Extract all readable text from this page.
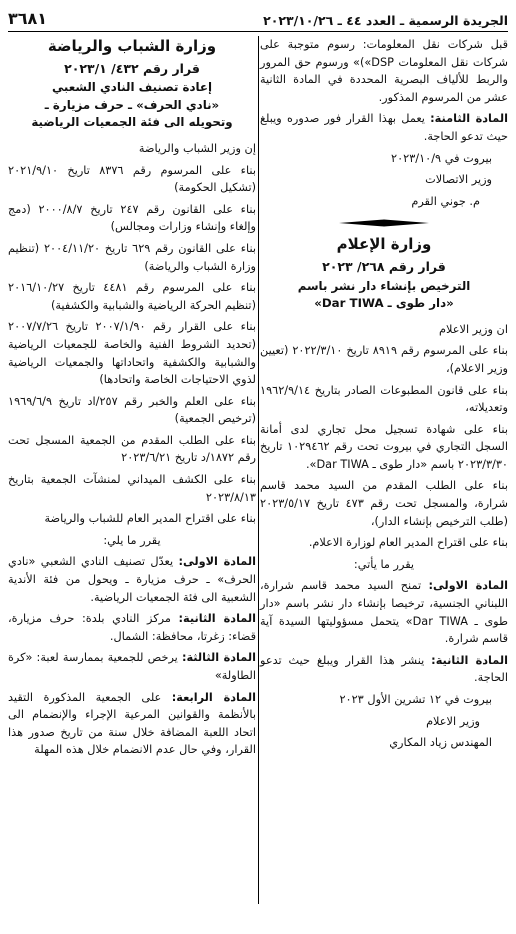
الجريدة الرسمية ـ العدد ٤٤ ـ ٢٠٢٣/١٠/٢٦
٣٦٨١

قبل شركات نقل المعلومات: رسوم متوجبة على شركات نقل المعلومات DSP»)» ورسوم حق المرور والربط للألياف البصرية المحددة في المادة الثانية عشر من المرسوم المذكور.

المادة الثامنة: يعمل بهذا القرار فور صدوره ويبلغ حيث تدعو الحاجة.

بيروت في ٢٠٢٣/١٠/٩

وزير الاتصالات

م. جوني القرم

وزارة الإعلام
قرار رقم ٢٦٨/ ٢٠٢٣
الترخيص بإنشاء دار نشر باسم
«دار طوى ـ Dar TIWA»

ان وزير الاعلام

بناء على المرسوم رقم ٨٩١٩ تاريخ ٢٠٢٢/٣/١٠ (تعيين وزير الاعلام)،

بناء على قانون المطبوعات الصادر بتاريخ ١٩٦٢/٩/١٤ وتعديلاته،

بناء على شهادة تسجيل محل تجاري لدى أمانة السجل التجاري في بيروت تحت رقم ١٠٢٩٤٦٢ تاريخ ٢٠٢٣/٣/٣٠ باسم «دار طوى ـ Dar TIWA».

بناء على الطلب المقدم من السيد محمد قاسم شرارة، والمسجل تحت رقم ٤٧٣ تاريخ ٢٠٢٣/٥/١٧ (طلب الترخيص بإنشاء الدار)،

بناء على اقتراح المدير العام لوزارة الاعلام.

يقرر ما يأتي:

المادة الاولى: تمنح السيد محمد قاسم شرارة، اللبناني الجنسية، ترخيصا بإنشاء دار نشر باسم «دار طوى ـ Dar TIWA» يتحمل مسؤوليتها السيدة آية قاسم شرارة.

المادة الثانية: ينشر هذا القرار ويبلغ حيث تدعو الحاجة.

بيروت في ١٢ تشرين الأول ٢٠٢٣

وزير الاعلام

المهندس زياد المكاري

وزارة الشباب والرياضة
قرار رقم ٤٣٢/ ٢٠٢٣/١
إعادة تصنيف النادي الشعبي
«نادي الحرف» ـ حرف مزيارة ـ
وتحويله الى فئة الجمعيات الرياضية

إن وزير الشباب والرياضة

بناء على المرسوم رقم ٨٣٧٦ تاريخ ٢٠٢١/٩/١٠ (تشكيل الحكومة)

بناء على القانون رقم ٢٤٧ تاريخ ٢٠٠٠/٨/٧ (دمج وإلغاء وإنشاء وزارات ومجالس)

بناء على القانون رقم ٦٢٩ تاريخ ٢٠٠٤/١١/٢٠ (تنظيم وزارة الشباب والرياضة)

بناء على المرسوم رقم ٤٤٨١ تاريخ ٢٠١٦/١٠/٢٧ (تنظيم الحركة الرياضية والشبابية والكشفية)

بناء على القرار رقم ٢٠٠٧/١/٩٠ تاريخ ٢٠٠٧/٧/٢٦ (تحديد الشروط الفنية والخاصة للجمعيات الرياضية والشبابية والكشفية واتحاداتها والجمعيات الرياضية لذوي الاحتياجات الخاصة واتحادها)

بناء على العلم والخبر رقم ٢٥٧/اد تاريخ ١٩٦٩/٦/٩ (ترخيص الجمعية)

بناء على الطلب المقدم من الجمعية المسجل تحت رقم ١٨٧٢/د تاريخ ٢٠٢٣/٦/٢١

بناء على الكشف الميداني لمنشآت الجمعية بتاريخ ٢٠٢٣/٨/١٣

بناء على اقتراح المدير العام للشباب والرياضة

يقرر ما يلي:

المادة الاولى: يعدّل تصنيف النادي الشعبي «نادي الحرف» ـ حرف مزيارة ـ ويحول من فئة الأندية الشعبية الى فئة الجمعيات الرياضية.

المادة الثانية: مركز النادي بلدة: حرف مزيارة، قضاء: زغرتا، محافظة: الشمال.

المادة الثالثة: يرخص للجمعية بممارسة لعبة: «كرة الطاولة»

المادة الرابعة: على الجمعية المذكورة التقيد بالأنظمة والقوانين المرعية الإجراء والإنضمام الى اتحاد اللعبة المضافة خلال سنة من تاريخ صدور هذا القرار، وفي حال عدم الانضمام خلال هذه المهلة
